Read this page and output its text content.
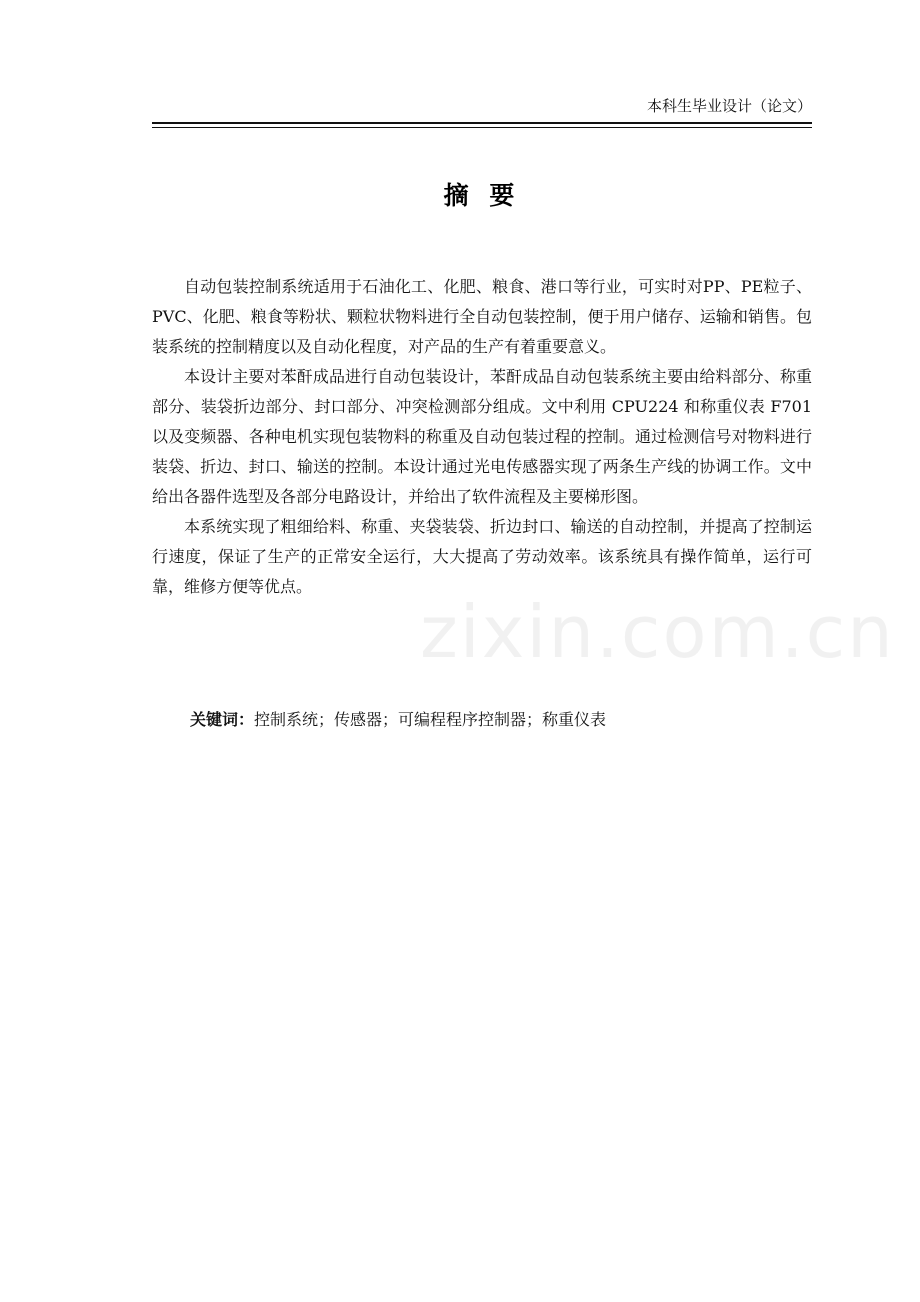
本科生毕业设计（论文）
摘 要

自动包装控制系统适用于石油化工、化肥、粮食、港口等行业，可实时对PP、PE粒子、PVC、化肥、粮食等粉状、颗粒状物料进行全自动包装控制，便于用户储存、运输和销售。包装系统的控制精度以及自动化程度，对产品的生产有着重要意义。

本设计主要对苯酐成品进行自动包装设计，苯酐成品自动包装系统主要由给料部分、称重部分、装袋折边部分、封口部分、冲突检测部分组成。文中利用 CPU224 和称重仪表 F701 以及变频器、各种电机实现包装物料的称重及自动包装过程的控制。通过检测信号对物料进行装袋、折边、封口、输送的控制。本设计通过光电传感器实现了两条生产线的协调工作。文中给出各器件选型及各部分电路设计，并给出了软件流程及主要梯形图。

本系统实现了粗细给料、称重、夹袋装袋、折边封口、输送的自动控制，并提高了控制运行速度，保证了生产的正常安全运行，大大提高了劳动效率。该系统具有操作简单，运行可靠，维修方便等优点。

关键词：控制系统；传感器；可编程程序控制器；称重仪表
zixin.com.cn
